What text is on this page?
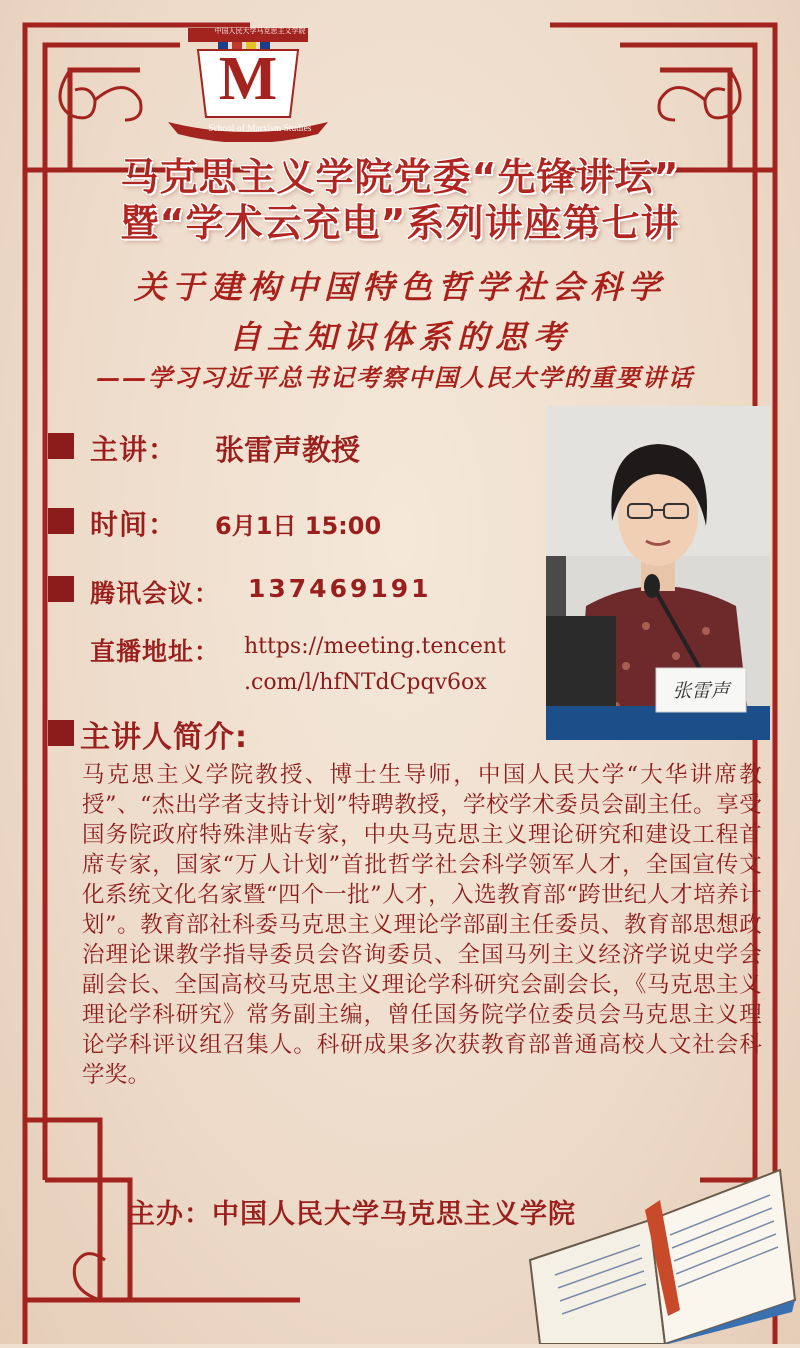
中国人民大学马克思主义学院
M
School of Marxism Studies
马克思主义学院党委“先锋讲坛”
暨“学术云充电”系列讲座第七讲
关于建构中国特色哲学社会科学
自主知识体系的思考
——学习习近平总书记考察中国人民大学的重要讲话
主讲： 张雷声教授
时间： 6月1日 15:00
腾讯会议： 137469191
直播地址： https://meeting.tencent
.com/l/hfNTdCpqv6ox	张雷声
主讲人简介:
马克思主义学院教授、博士生导师，中国人民大学“大华讲席教授”、“杰出学者支持计划”特聘教授，学校学术委员会副主任。享受国务院政府特殊津贴专家，中央马克思主义理论研究和建设工程首席专家，国家“万人计划”首批哲学社会科学领军人才，全国宣传文化系统文化名家暨“四个一批”人才，入选教育部“跨世纪人才培养计划”。教育部社科委马克思主义理论学部副主任委员、教育部思想政治理论课教学指导委员会咨询委员、全国马列主义经济学说史学会副会长、全国高校马克思主义理论学科研究会副会长，《马克思主义理论学科研究》常务副主编，曾任国务院学位委员会马克思主义理论学科评议组召集人。科研成果多次获教育部普通高校人文社会科学奖。
主办：中国人民大学马克思主义学院
